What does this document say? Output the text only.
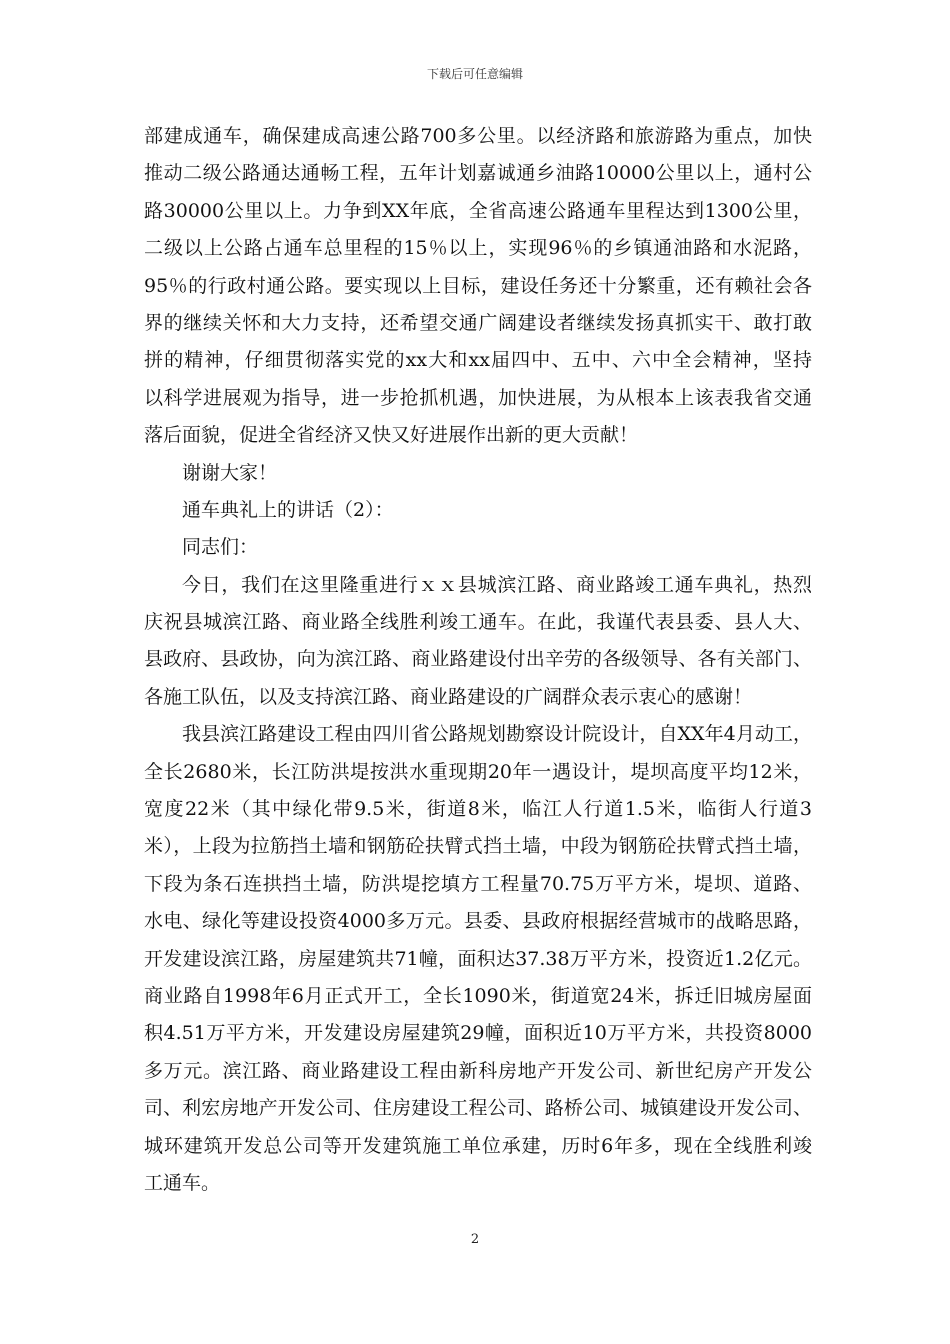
下载后可任意编辑
部建成通车，确保建成高速公路700多公里。以经济路和旅游路为重点，加快
推动二级公路通达通畅工程，五年计划嘉诚通乡油路10000公里以上，通村公
路30000公里以上。力争到XX年底，全省高速公路通车里程达到1300公里，
二级以上公路占通车总里程的15％以上，实现96％的乡镇通油路和水泥路，
95％的行政村通公路。要实现以上目标，建设任务还十分繁重，还有赖社会各
界的继续关怀和大力支持，还希望交通广阔建设者继续发扬真抓实干、敢打敢
拼的精神，仔细贯彻落实党的xx大和xx届四中、五中、六中全会精神，坚持
以科学进展观为指导，进一步抢抓机遇，加快进展，为从根本上该表我省交通
落后面貌，促进全省经济又快又好进展作出新的更大贡献！
谢谢大家！
通车典礼上的讲话（2）：
同志们：
今日，我们在这里隆重进行ｘｘ县城滨江路、商业路竣工通车典礼，热烈
庆祝县城滨江路、商业路全线胜利竣工通车。在此，我谨代表县委、县人大、
县政府、县政协，向为滨江路、商业路建设付出辛劳的各级领导、各有关部门、
各施工队伍，以及支持滨江路、商业路建设的广阔群众表示衷心的感谢！
我县滨江路建设工程由四川省公路规划勘察设计院设计，自XX年4月动工，
全长2680米，长江防洪堤按洪水重现期20年一遇设计，堤坝高度平均12米，
宽度22米（其中绿化带9.5米，街道8米，临江人行道1.5米，临街人行道3
米），上段为拉筋挡土墙和钢筋砼扶臂式挡土墙，中段为钢筋砼扶臂式挡土墙，
下段为条石连拱挡土墙，防洪堤挖填方工程量70.75万平方米，堤坝、道路、
水电、绿化等建设投资4000多万元。县委、县政府根据经营城市的战略思路，
开发建设滨江路，房屋建筑共71幢，面积达37.38万平方米，投资近1.2亿元。
商业路自1998年6月正式开工，全长1090米，街道宽24米，拆迁旧城房屋面
积4.51万平方米，开发建设房屋建筑29幢，面积近10万平方米，共投资8000
多万元。滨江路、商业路建设工程由新科房地产开发公司、新世纪房产开发公
司、利宏房地产开发公司、住房建设工程公司、路桥公司、城镇建设开发公司、
城环建筑开发总公司等开发建筑施工单位承建，历时6年多，现在全线胜利竣
工通车。
2
